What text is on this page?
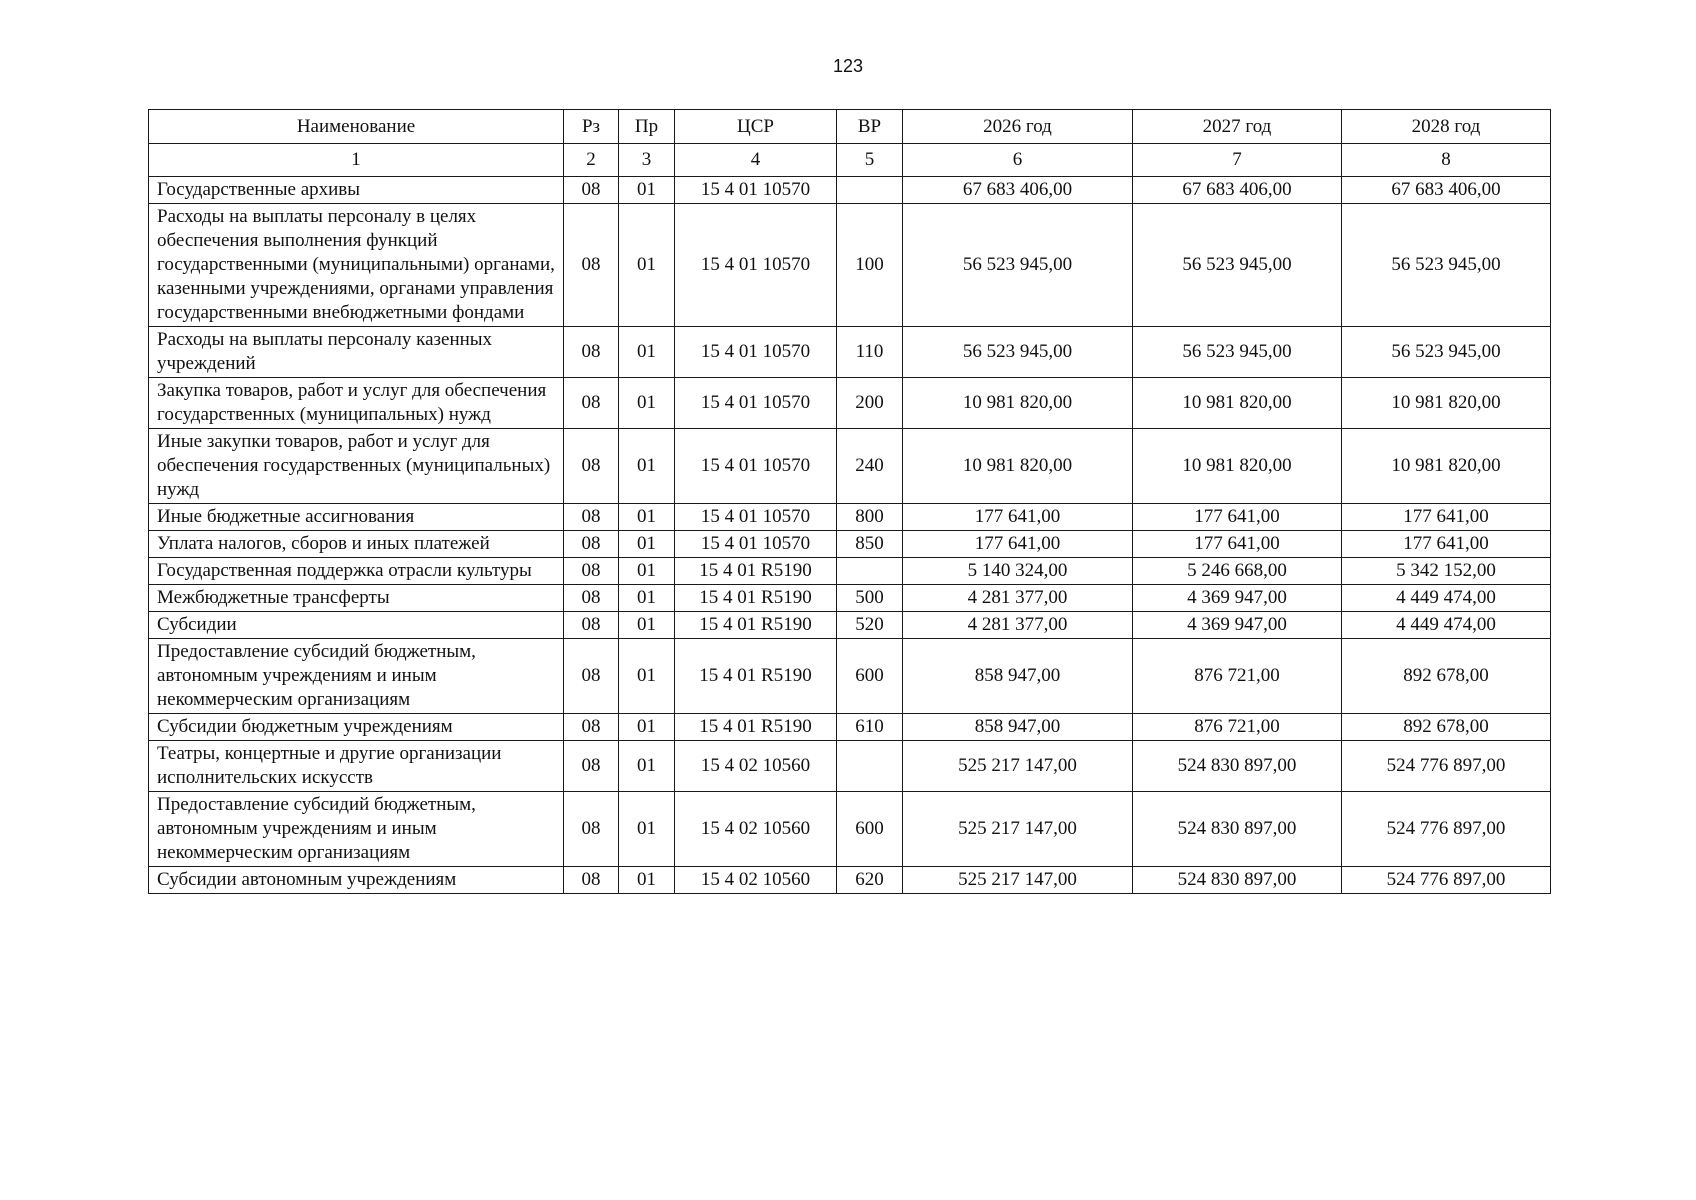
123
Наименование	Рз	Пр	ЦСР	ВР	2026 год	2027 год	2028 год
1	2	3	4	5	6	7	8
Государственные архивы	08	01	15 4 01 10570		67 683 406,00	67 683 406,00	67 683 406,00
Расходы на выплаты персоналу в целях обеспечения выполнения функций государственными (муниципальными) органами, казенными учреждениями, органами управления государственными внебюджетными фондами	08	01	15 4 01 10570	100	56 523 945,00	56 523 945,00	56 523 945,00
Расходы на выплаты персоналу казенных учреждений	08	01	15 4 01 10570	110	56 523 945,00	56 523 945,00	56 523 945,00
Закупка товаров, работ и услуг для обеспечения государственных (муниципальных) нужд	08	01	15 4 01 10570	200	10 981 820,00	10 981 820,00	10 981 820,00
Иные закупки товаров, работ и услуг для обеспечения государственных (муниципальных) нужд	08	01	15 4 01 10570	240	10 981 820,00	10 981 820,00	10 981 820,00
Иные бюджетные ассигнования	08	01	15 4 01 10570	800	177 641,00	177 641,00	177 641,00
Уплата налогов, сборов и иных платежей	08	01	15 4 01 10570	850	177 641,00	177 641,00	177 641,00
Государственная поддержка отрасли культуры	08	01	15 4 01 R5190		5 140 324,00	5 246 668,00	5 342 152,00
Межбюджетные трансферты	08	01	15 4 01 R5190	500	4 281 377,00	4 369 947,00	4 449 474,00
Субсидии	08	01	15 4 01 R5190	520	4 281 377,00	4 369 947,00	4 449 474,00
Предоставление субсидий бюджетным, автономным учреждениям и иным некоммерческим организациям	08	01	15 4 01 R5190	600	858 947,00	876 721,00	892 678,00
Субсидии бюджетным учреждениям	08	01	15 4 01 R5190	610	858 947,00	876 721,00	892 678,00
Театры, концертные и другие организации исполнительских искусств	08	01	15 4 02 10560		525 217 147,00	524 830 897,00	524 776 897,00
Предоставление субсидий бюджетным, автономным учреждениям и иным некоммерческим организациям	08	01	15 4 02 10560	600	525 217 147,00	524 830 897,00	524 776 897,00
Субсидии автономным учреждениям	08	01	15 4 02 10560	620	525 217 147,00	524 830 897,00	524 776 897,00
